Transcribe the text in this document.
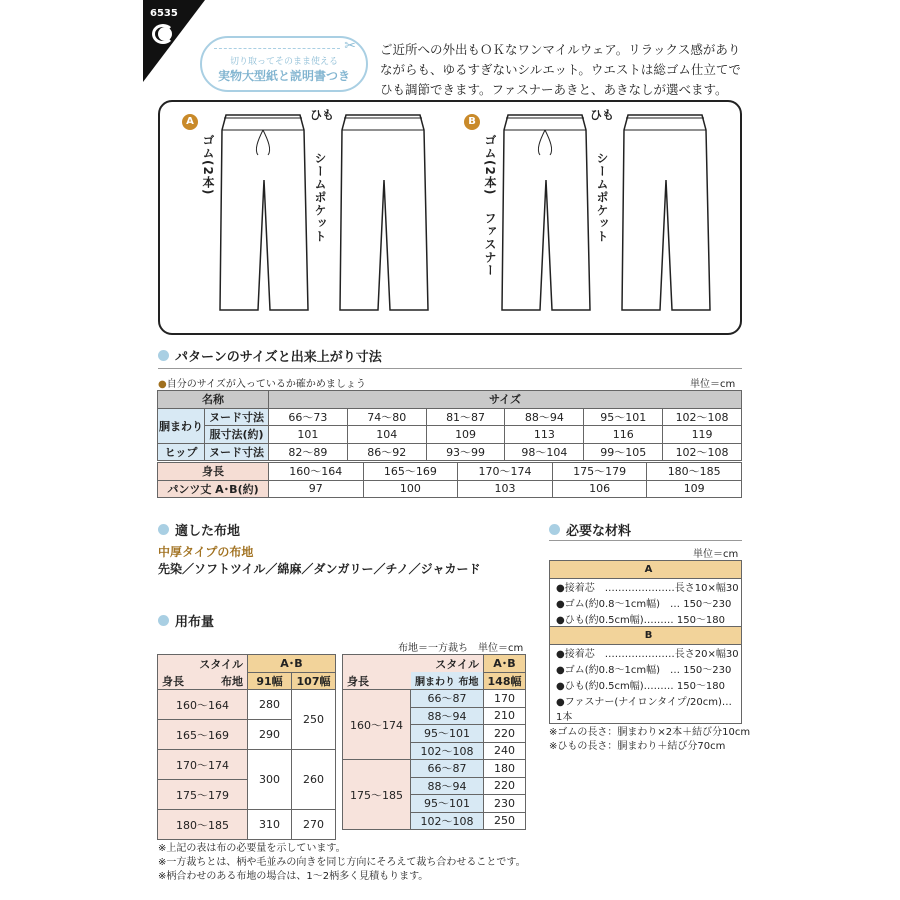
6535
✂
切り取ってそのまま使える
実物大型紙と説明書つき
ご近所への外出もＯＫなワンマイルウェア。リラックス感がありながらも、ゆるすぎないシルエット。ウエストは総ゴム仕立てでひも調節できます。ファスナーあきと、あきなしが選べます。
A	ひも
ゴム(2本)	シームポケット
B	ひも
ゴム(2本)
ファスナー
シームポケット
パターンのサイズと出来上がり寸法
●自分のサイズが入っているか確かめましょう	単位＝cm
名称		サイズ					
胴まわり	ヌード寸法	66〜73	74〜80	81〜87	88〜94	95〜101	102〜108
	服寸法(約)	101	104	109	113	116	119
ヒップ	ヌード寸法	82〜89	86〜92	93〜99	98〜104	99〜105	102〜108
身長	160〜164	165〜169	170〜174	175〜179	180〜185
パンツ丈 A･B(約)	97	100	103	106	109
適した布地
中厚タイプの布地
先染／ソフトツイル／綿麻／ダンガリー／チノ／ジャカード
用布量
布地＝一方裁ち　単位＝cm
スタイル	A･B	

身長 布地	91幅	107幅
160〜164	280	250
165〜169	290	
170〜174	300	260
175〜179		
180〜185	310	270
スタイル		A･B
身長	胴まわり 布地	148幅
160〜174	66〜87	170
	88〜94	210
	95〜101	220
	102〜108	240
175〜185	66〜87	180
	88〜94	220
	95〜101	230
	102〜108	250
※上記の表は布の必要量を示しています。
※一方裁ちとは、柄や毛並みの向きを同じ方向にそろえて裁ち合わせることです。
※柄合わせのある布地の場合は、1〜2柄多く見積もります。
必要な材料
単位＝cm
A
●接着芯　…………………長さ10×幅30
●ゴム(約0.8〜1cm幅)　… 150〜230
●ひも(約0.5cm幅)……… 150〜180
B
●接着芯　…………………長さ20×幅30
●ゴム(約0.8〜1cm幅)　… 150〜230
●ひも(約0.5cm幅)……… 150〜180
●ファスナー(ナイロンタイプ/20cm)… 1本
※ゴムの長さ：胴まわり×2本＋結び分10cm
※ひもの長さ：胴まわり＋結び分70cm
